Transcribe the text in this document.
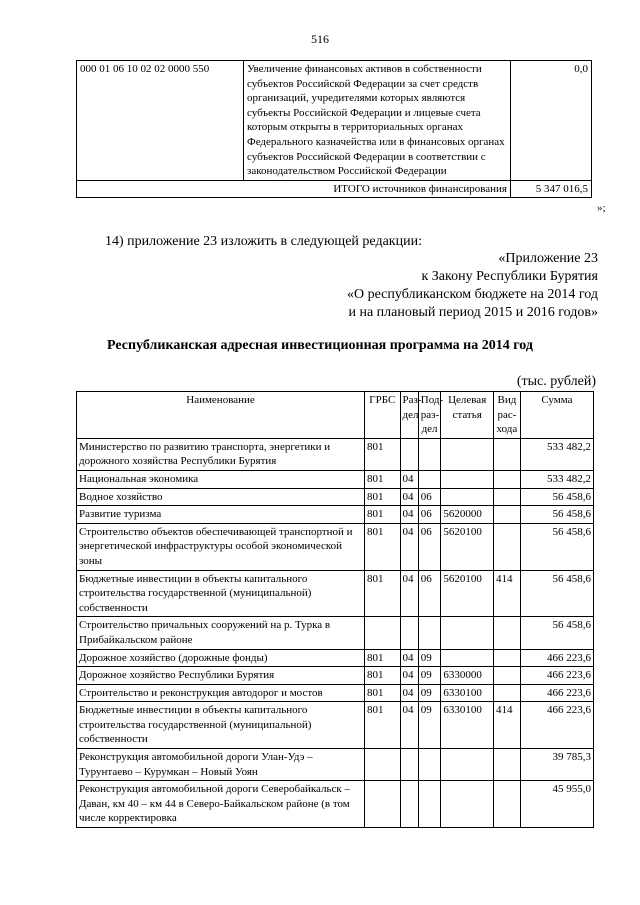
516
000 01 06 10 02 02 0000 550	Увеличение финансовых активов в собственности субъектов Российской Федерации за счет средств организаций, учредителями которых являются субъекты Российской Федерации и лицевые счета которым открыты в территориальных органах Федерального казначейства или в финансовых органах субъектов Российской Федерации в соответствии с законодательством Российской Федерации	0,0
ИТОГО источников финансирования		5 347 016,5
»;
14) приложение 23 изложить в следующей редакции:
«Приложение 23
к Закону Республики Бурятия
«О республиканском бюджете на 2014 год
и на плановый период 2015 и 2016 годов»
Республиканская адресная инвестиционная программа на 2014 год
(тыс. рублей)
Наименование	ГРБС	Раз-дел	Под-раз-дел	Целевая статья	Вид рас-хода	Сумма
Министерство по развитию транспорта, энергетики и дорожного хозяйства Республики Бурятия	801					533 482,2
Национальная экономика	801	04				533 482,2
Водное хозяйство	801	04	06			56 458,6
Развитие туризма	801	04	06	5620000		56 458,6
Строительство объектов обеспечивающей транспортной и энергетической инфраструктуры особой экономической зоны	801	04	06	5620100		56 458,6
Бюджетные инвестиции в объекты капитального строительства государственной (муниципальной) собственности	801	04	06	5620100	414	56 458,6
Строительство причальных сооружений на р. Турка в Прибайкальском районе						56 458,6
Дорожное хозяйство (дорожные фонды)	801	04	09			466 223,6
Дорожное хозяйство Республики Бурятия	801	04	09	6330000		466 223,6
Строительство и реконструкция автодорог и мостов	801	04	09	6330100		466 223,6
Бюджетные инвестиции в объекты капитального строительства государственной (муниципальной) собственности	801	04	09	6330100	414	466 223,6
Реконструкция автомобильной дороги Улан-Удэ – Турунтаево – Курумкан – Новый Уоян						39 785,3
Реконструкция автомобильной дороги Северобайкальск – Даван, км 40 – км 44 в Северо-Байкальском районе (в том числе корректировка						45 955,0
